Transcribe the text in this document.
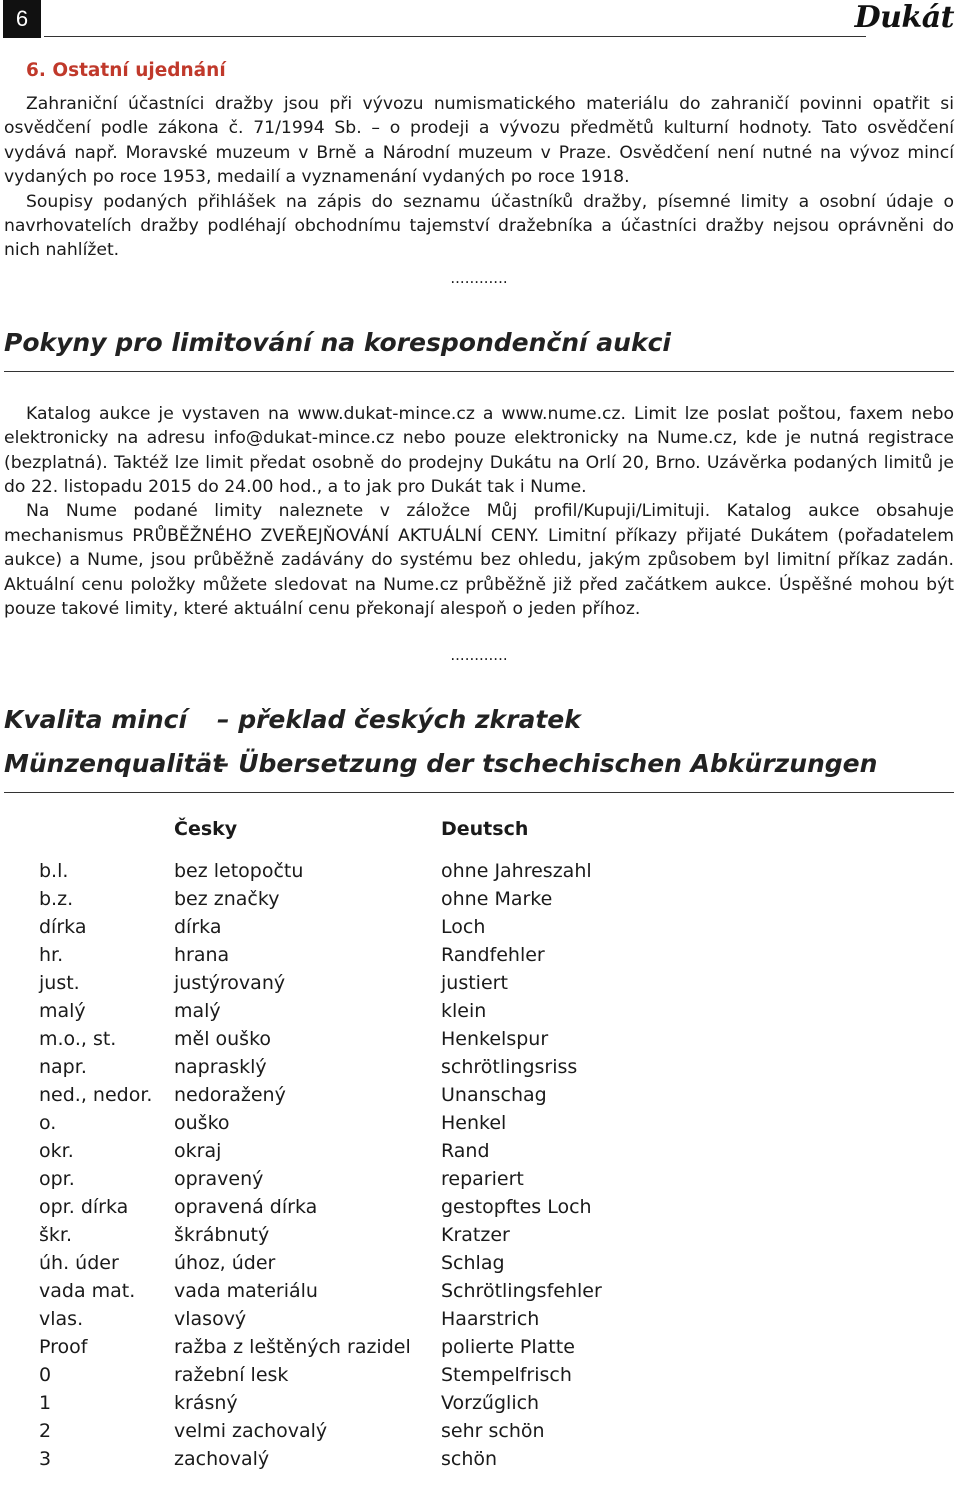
6	Dukát
6. Ostatní ujednání

Zahraniční účastníci dražby jsou při vývozu numismatického materiálu do zahraničí povinni opatřit si osvědčení podle zákona č. 71/1994 Sb. – o prodeji a vývozu předmětů kulturní hodnoty. Tato osvědčení vydává např. Moravské muzeum v Brně a Národní muzeum v Praze. Osvědčení není nutné na vývoz mincí vydaných po roce 1953, medailí a vyznamenání vydaných po roce 1918.

Soupisy podaných přihlášek na zápis do seznamu účastníků dražby, písemné limity a osobní údaje o navrhovatelích dražby podléhají obchodnímu tajemství dražebníka a účastníci dražby nejsou oprávněni do nich nahlížet.

............
Pokyny pro limitování na korespondenční aukci

Katalog aukce je vystaven na www.dukat-mince.cz a www.nume.cz. Limit lze poslat poštou, faxem nebo elektronicky na adresu info@dukat-mince.cz nebo pouze elektronicky na Nume.cz, kde je nutná registrace (bezplatná). Taktéž lze limit předat osobně do prodejny Dukátu na Orlí 20, Brno. Uzávěrka podaných limitů je do 22. listopadu 2015 do 24.00 hod., a to jak pro Dukát tak i Nume.

Na Nume podané limity naleznete v záložce Můj profil/Kupuji/Limituji. Katalog aukce obsahuje mechanismus PRŮBĚŽNÉHO ZVEŘEJŇOVÁNÍ AKTUÁLNÍ CENY. Limitní příkazy přijaté Dukátem (pořadatelem aukce) a Nume, jsou průběžně zadávány do systému bez ohledu, jakým způsobem byl limitní příkaz zadán. Aktuální cenu položky můžete sledovat na Nume.cz průběžně již před začátkem aukce. Úspěšné mohou být pouze takové limity, které aktuální cenu překonají alespoň o jeden příhoz.

............
Kvalita mincí	– překlad českých zkratek
Münzenqualität
– Übersetzung der tschechischen Abkürzungen
	Česky	Deutsch

b.l.	bez letopočtu	ohne Jahreszahl
b.z.	bez značky	ohne Marke
dírka	dírka	Loch
hr.	hrana	Randfehler
just.	justýrovaný	justiert
malý	malý	klein
m.o., st.	měl ouško	Henkelspur
napr.	naprasklý	schrötlingsriss
ned., nedor.	nedoražený	Unanschag
o.	ouško	Henkel
okr.	okraj	Rand
opr.	opravený	repariert
opr. dírka	opravená dírka	gestopftes Loch
škr.	škrábnutý	Kratzer
úh. úder	úhoz, úder	Schlag
vada mat.	vada materiálu	Schrötlingsfehler
vlas.	vlasový	Haarstrich
Proof	ražba z leštěných razidel	polierte Platte
0	ražební lesk	Stempelfrisch
1	krásný	Vorzűglich
2	velmi zachovalý	sehr schön
3	zachovalý	schön
